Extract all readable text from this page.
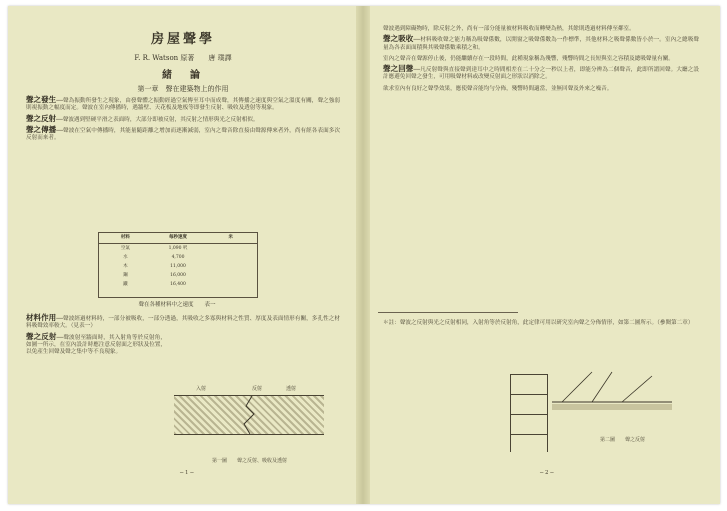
房屋聲學
F. R. Watson 原著　　唐 璞譯
緒　論
第一章　聲在建築物上的作用
聲之發生──聲為振動所發生之現象，由發聲體之振動經過空氣傳至耳中而成聲，其傳播之速度與空氣之溫度有關，聲之強弱則視振動之幅度而定。聲波在室內傳播時，遇牆壁、天花板及地板等即發生反射、吸收及透射等現象。
聲之反射──聲波遇到堅硬平滑之表面時，大部分即被反射，其反射之情形與光之反射相似。
聲之傳播──聲波在空氣中傳播時，其能量隨距離之增加而逐漸減弱，室內之聲音除直接由聲源傳來者外，尚有經各表面多次反射而來者。
材料	每秒速度	米
空氣	1,090 呎
水	4,700
木	11,000
鋼	16,000
鐵	16,400
聲在各種材料中之速度　　表一
材料作用──聲波經過材料時，一部分被吸收，一部分透過，其吸收之多寡與材料之性質、厚度及表面情形有關，多孔性之材料吸聲效率較大。（見表一）
聲之反射──聲波射至牆面時，其入射角等於反射角，如圖一所示，在室內設計時應注意反射面之形狀及位置，以免產生回聲及聲之集中等不良現象。
入射	反射	透射
第一圖　　聲之反射、吸收及透射
─ 1 ─
聲波遇到障礙物時，除反射之外，尚有一部分能量被材料吸收而轉變為熱，其餘則透過材料傳至鄰室。
聲之吸收──材料吸收聲之能力稱為吸聲係數，以開窗之吸聲係數為一作標準，其他材料之吸聲係數皆小於一。室內之總吸聲量為各表面面積與其吸聲係數乘積之和。
室內之聲音在聲源停止後，仍能繼續存在一段時間，此種現象稱為殘響，殘響時間之長短與室之容積及總吸聲量有關。
聲之回聲──凡反射聲與直接聲到達耳中之時間相差在二十分之一秒以上者，即能分辨為二個聲音，此即所謂回聲。大廳之設計應避免回聲之發生，可用吸聲材料或改變反射面之形狀以消除之。
欲求室內有良好之聲學效果，應使聲音能均勻分佈，殘響時間適當，並無回聲及外來之噪音。
＊註：聲波之反射與光之反射相同，入射角等於反射角，此定律可用以研究室內聲之分佈情形，如第二圖所示。（參閱第二章）
第二圖　　聲之反射
─ 2 ─
